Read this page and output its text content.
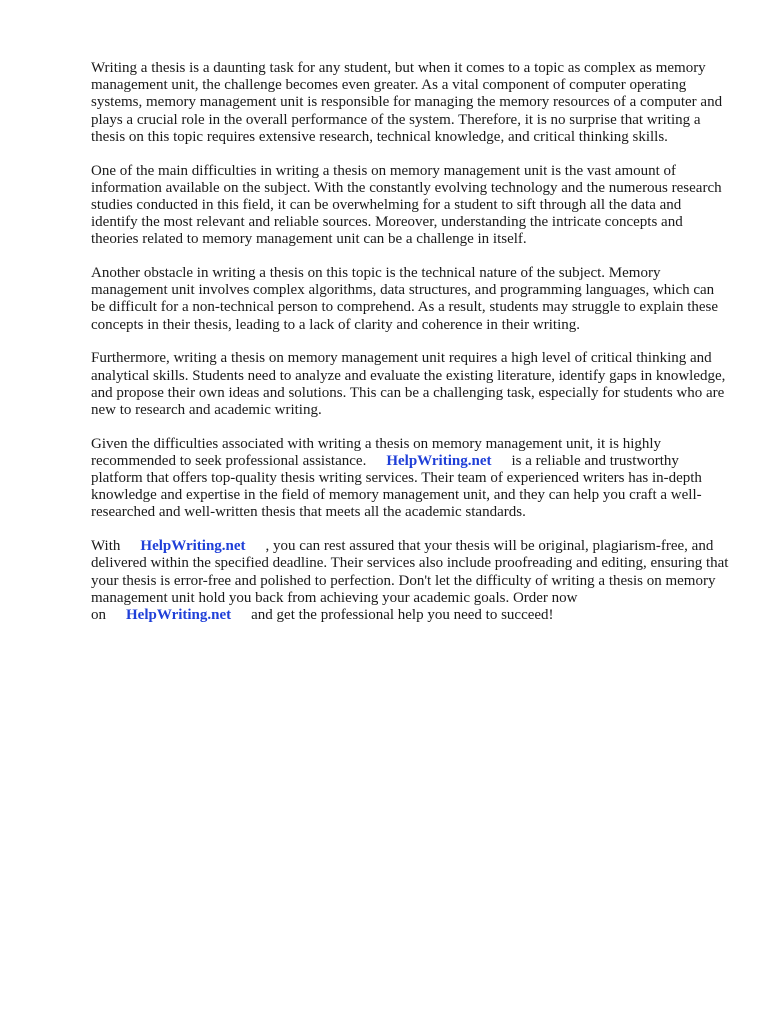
Writing a thesis is a daunting task for any student, but when it comes to a topic as complex as memory management unit, the challenge becomes even greater. As a vital component of computer operating systems, memory management unit is responsible for managing the memory resources of a computer and plays a crucial role in the overall performance of the system. Therefore, it is no surprise that writing a thesis on this topic requires extensive research, technical knowledge, and critical thinking skills.

One of the main difficulties in writing a thesis on memory management unit is the vast amount of information available on the subject. With the constantly evolving technology and the numerous research studies conducted in this field, it can be overwhelming for a student to sift through all the data and identify the most relevant and reliable sources. Moreover, understanding the intricate concepts and theories related to memory management unit can be a challenge in itself.

Another obstacle in writing a thesis on this topic is the technical nature of the subject. Memory management unit involves complex algorithms, data structures, and programming languages, which can be difficult for a non-technical person to comprehend. As a result, students may struggle to explain these concepts in their thesis, leading to a lack of clarity and coherence in their writing.

Furthermore, writing a thesis on memory management unit requires a high level of critical thinking and analytical skills. Students need to analyze and evaluate the existing literature, identify gaps in knowledge, and propose their own ideas and solutions. This can be a challenging task, especially for students who are new to research and academic writing.

Given the difficulties associated with writing a thesis on memory management unit, it is highly recommended to seek professional assistance. HelpWriting.net is a reliable and trustworthy platform that offers top-quality thesis writing services. Their team of experienced writers has in-depth knowledge and expertise in the field of memory management unit, and they can help you craft a well-researched and well-written thesis that meets all the academic standards.

With HelpWriting.net , you can rest assured that your thesis will be original, plagiarism-free, and delivered within the specified deadline. Their services also include proofreading and editing, ensuring that your thesis is error-free and polished to perfection. Don't let the difficulty of writing a thesis on memory management unit hold you back from achieving your academic goals. Order now on HelpWriting.net and get the professional help you need to succeed!
